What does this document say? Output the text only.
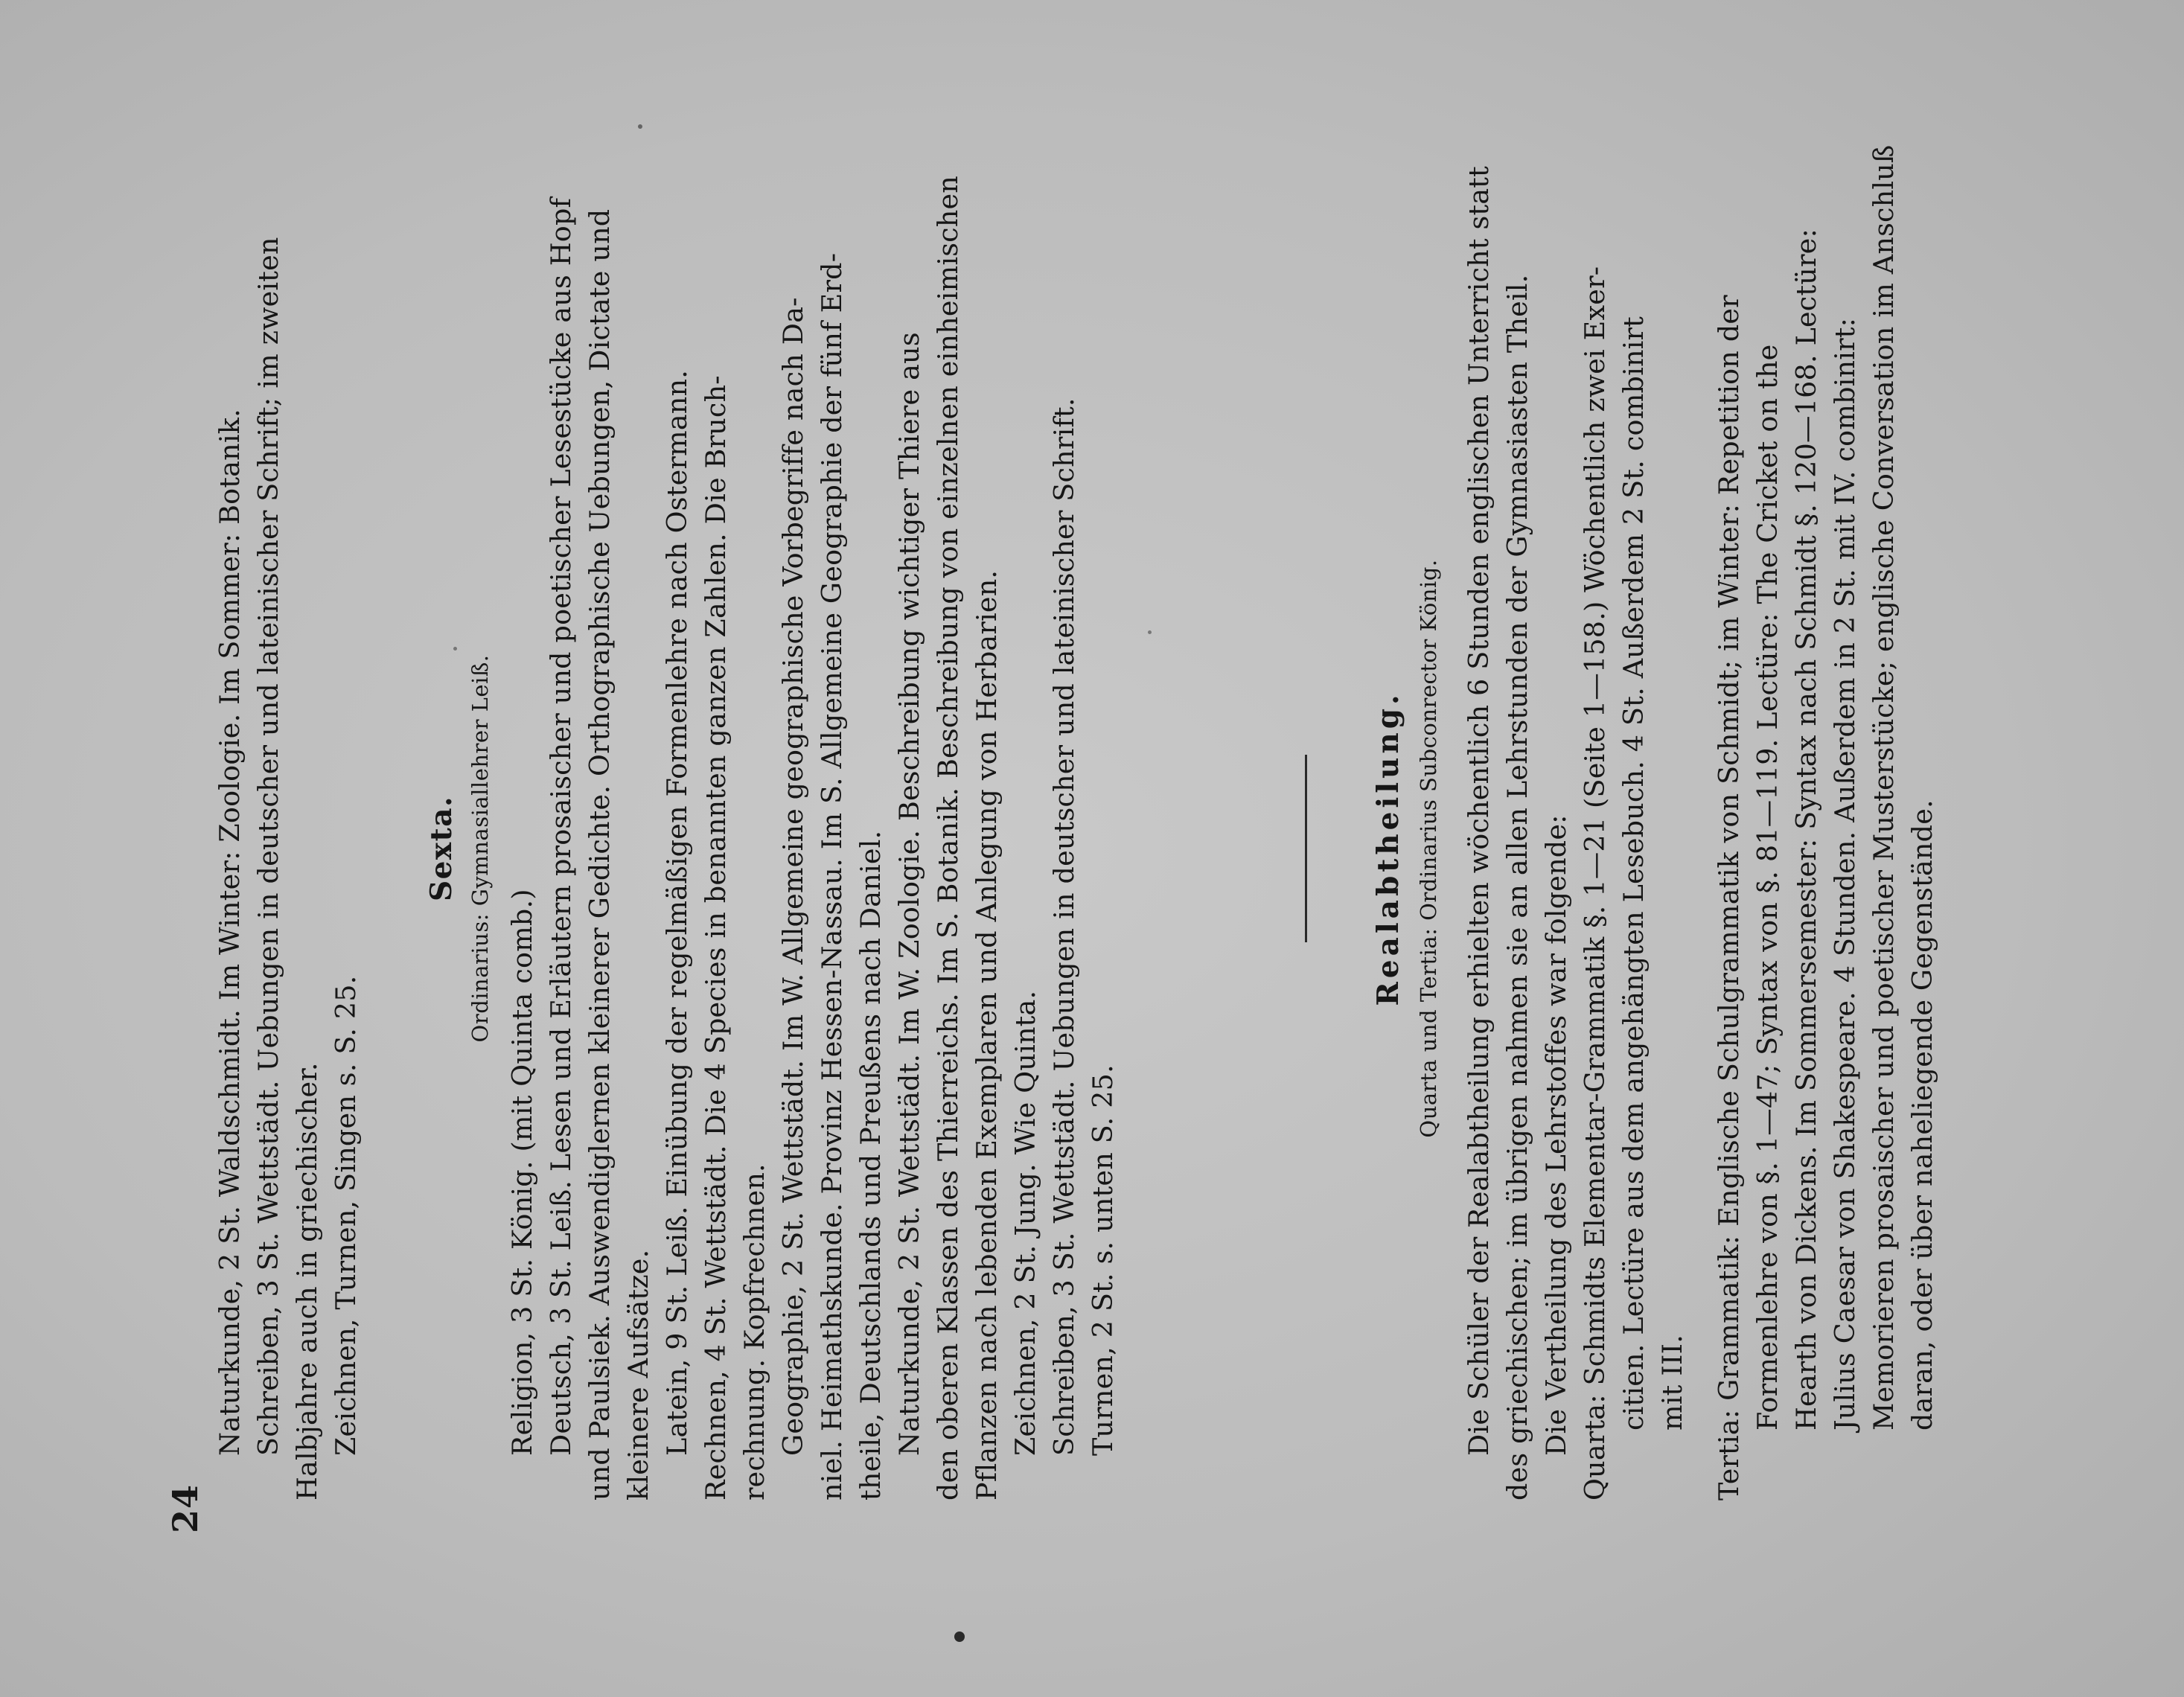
24
Naturkunde, 2 St. Waldschmidt. Im Winter: Zoologie. Im Sommer: Botanik. Schreiben, 3 St. Wettstädt. Uebungen in deutscher und lateinischer Schrift; im zweiten Halbjahre auch in griechischer. Zeichnen, Turnen, Singen s. S. 25.
Sexta. Ordinarius: Gymnasiallehrer Leiß.
Religion, 3 St. König. (mit Quinta comb.) Deutsch, 3 St. Leiß. Lesen und Erläutern prosaischer und poetischer Lesestücke aus Hopf und Paulsiek. Auswendiglernen kleinerer Gedichte. Orthographische Uebungen, Dictate und kleinere Aufsätze. Latein, 9 St. Leiß. Einübung der regelmäßigen Formenlehre nach Ostermann. Rechnen, 4 St. Wettstädt. Die 4 Species in benannten ganzen Zahlen. Die Bruch- rechnung. Kopfrechnen. Geographie, 2 St. Wettstädt. Im W. Allgemeine geographische Vorbegriffe nach Da- niel. Heimathskunde. Provinz Hessen-Nassau. Im S. Allgemeine Geographie der fünf Erd- theile, Deutschlands und Preußens nach Daniel. Naturkunde, 2 St. Wettstädt. Im W. Zoologie. Beschreibung wichtiger Thiere aus den oberen Klassen des Thierreichs. Im S. Botanik. Beschreibung von einzelnen einheimischen Pflanzen nach lebenden Exemplaren und Anlegung von Herbarien. Zeichnen, 2 St. Jung. Wie Quinta. Schreiben, 3 St. Wettstädt. Uebungen in deutscher und lateinischer Schrift. Turnen, 2 St. s. unten S. 25.
Realabtheilung. Quarta und Tertia: Ordinarius Subconrector König. Die Schüler der Realabtheilung erhielten wöchentlich 6 Stunden englischen Unterricht statt des griechischen; im übrigen nahmen sie an allen Lehrstunden der Gymnasiasten Theil. Die Vertheilung des Lehrstoffes war folgende: Quarta: Schmidts Elementar-Grammatik §. 1—21 (Seite 1—158.) Wöchentlich zwei Exer- citien. Lectüre aus dem angehängten Lesebuch. 4 St. Außerdem 2 St. combinirt mit III. Tertia: Grammatik: Englische Schulgrammatik von Schmidt; im Winter: Repetition der Formenlehre von §. 1—47; Syntax von §. 81—119. Lectüre: The Cricket on the Hearth von Dickens. Im Sommersemester: Syntax nach Schmidt §. 120—168. Lectüre: Julius Caesar von Shakespeare. 4 Stunden. Außerdem in 2 St. mit IV. combinirt: Memorieren prosaischer und poetischer Musterstücke; englische Conversation im Anschluß daran, oder über naheliegende Gegenstände.
